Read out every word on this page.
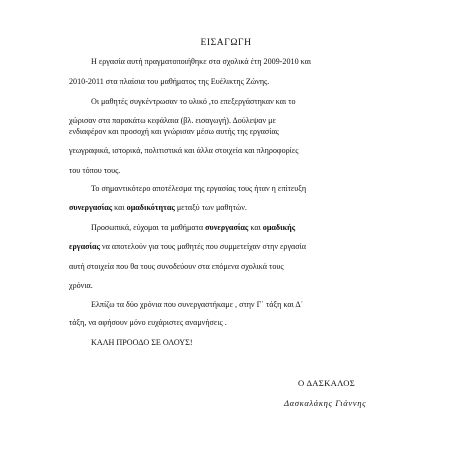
ΕΙΣΑΓΩΓΗ
Η εργασία αυτή πραγματοποιήθηκε στα σχολικά έτη 2009-2010 και
2010-2011 στα πλαίσια του μαθήματος της Ευέλικτης Ζώνης.
Οι μαθητές συγκέντρωσαν το υλικό ,το επεξεργάστηκαν και το
χώρισαν στα παρακάτω κεφάλαια (βλ. εισαγωγή). Δούλεψαν με
ενδιαφέρον και προσοχή και γνώρισαν μέσω αυτής της εργασίας
γεωγραφικά, ιστορικά, πολιτιστικά και άλλα στοιχεία και πληροφορίες
του τόπου τους.
Το σημαντικότερο αποτέλεσμα της εργασίας τους ήταν η επίτευξη
συνεργασίας και ομαδικότητας μεταξύ των μαθητών.
Προσωπικά, εύχομαι τα μαθήματα συνεργασίας και ομαδικής
εργασίας να αποτελούν για τους μαθητές που συμμετείχαν στην εργασία
αυτή στοιχεία που θα τους συνοδεύουν στα επόμενα σχολικά τους
χρόνια.
Ελπίζω τα δύο χρόνια που συνεργαστήκαμε , στην Γ΄ τάξη και Δ΄
τάξη, να αφήσουν μόνο ευχάριστες αναμνήσεις .
ΚΑΛΗ ΠΡΟΟΔΟ ΣΕ ΟΛΟΥΣ!
Ο ΔΑΣΚΑΛΟΣ
Δασκαλάκης Γιάννης
